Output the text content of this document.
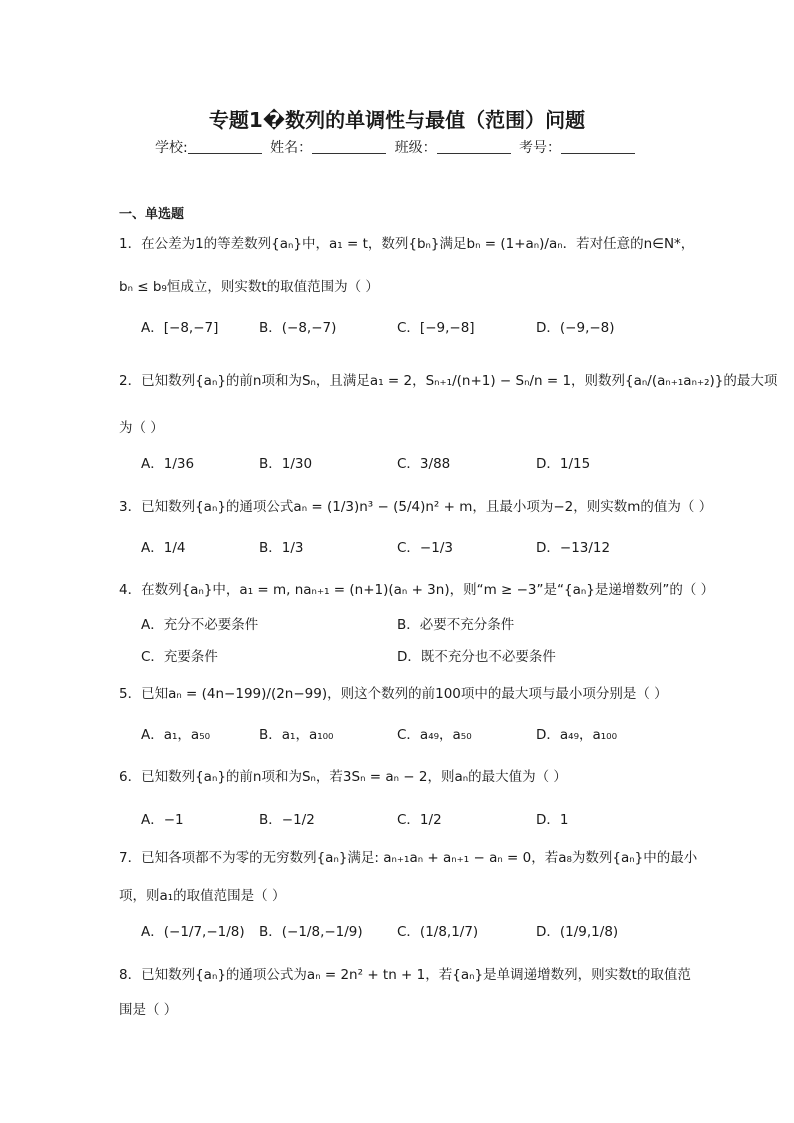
专题1�数列的单调性与最值（范围）问题
学校:	姓名：	班级：	考号：
一、单选题
1．在公差为1的等差数列{aₙ}中，a₁ = t，数列{bₙ}满足bₙ = (1+aₙ)/aₙ．若对任意的n∈N*，
bₙ ≤ b₉恒成立，则实数t的取值范围为（ ）
A．[−8,−7]	B．(−8,−7)	C．[−9,−8]	D．(−9,−8)
2．已知数列{aₙ}的前n项和为Sₙ，且满足a₁ = 2，Sₙ₊₁/(n+1) − Sₙ/n = 1，则数列{aₙ/(aₙ₊₁aₙ₊₂)}的最大项
为（ ）
A．1/36	B．1/30	C．3/88	D．1/15
3．已知数列{aₙ}的通项公式aₙ = (1/3)n³ − (5/4)n² + m，且最小项为−2，则实数m的值为（ ）
A．1/4	B．1/3	C．−1/3	D．−13/12
4．在数列{aₙ}中，a₁ = m, naₙ₊₁ = (n+1)(aₙ + 3n)，则“m ≥ −3”是“{aₙ}是递增数列”的（ ）
A．充分不必要条件	B．必要不充分条件
C．充要条件	D．既不充分也不必要条件
5．已知aₙ = (4n−199)/(2n−99)，则这个数列的前100项中的最大项与最小项分别是（ ）
A．a₁，a₅₀	B．a₁，a₁₀₀	C．a₄₉，a₅₀	D．a₄₉，a₁₀₀
6．已知数列{aₙ}的前n项和为Sₙ，若3Sₙ = aₙ − 2，则aₙ的最大值为（ ）
A．−1	B．−1/2	C．1/2	D．1
7．已知各项都不为零的无穷数列{aₙ}满足: aₙ₊₁aₙ + aₙ₊₁ − aₙ = 0，若a₈为数列{aₙ}中的最小
项，则a₁的取值范围是（ ）
A．(−1/7,−1/8) B．(−1/8,−1/9)	C．(1/8,1/7)	D．(1/9,1/8)
8．已知数列{aₙ}的通项公式为aₙ = 2n² + tn + 1，若{aₙ}是单调递增数列，则实数t的取值范
围是（ ）
